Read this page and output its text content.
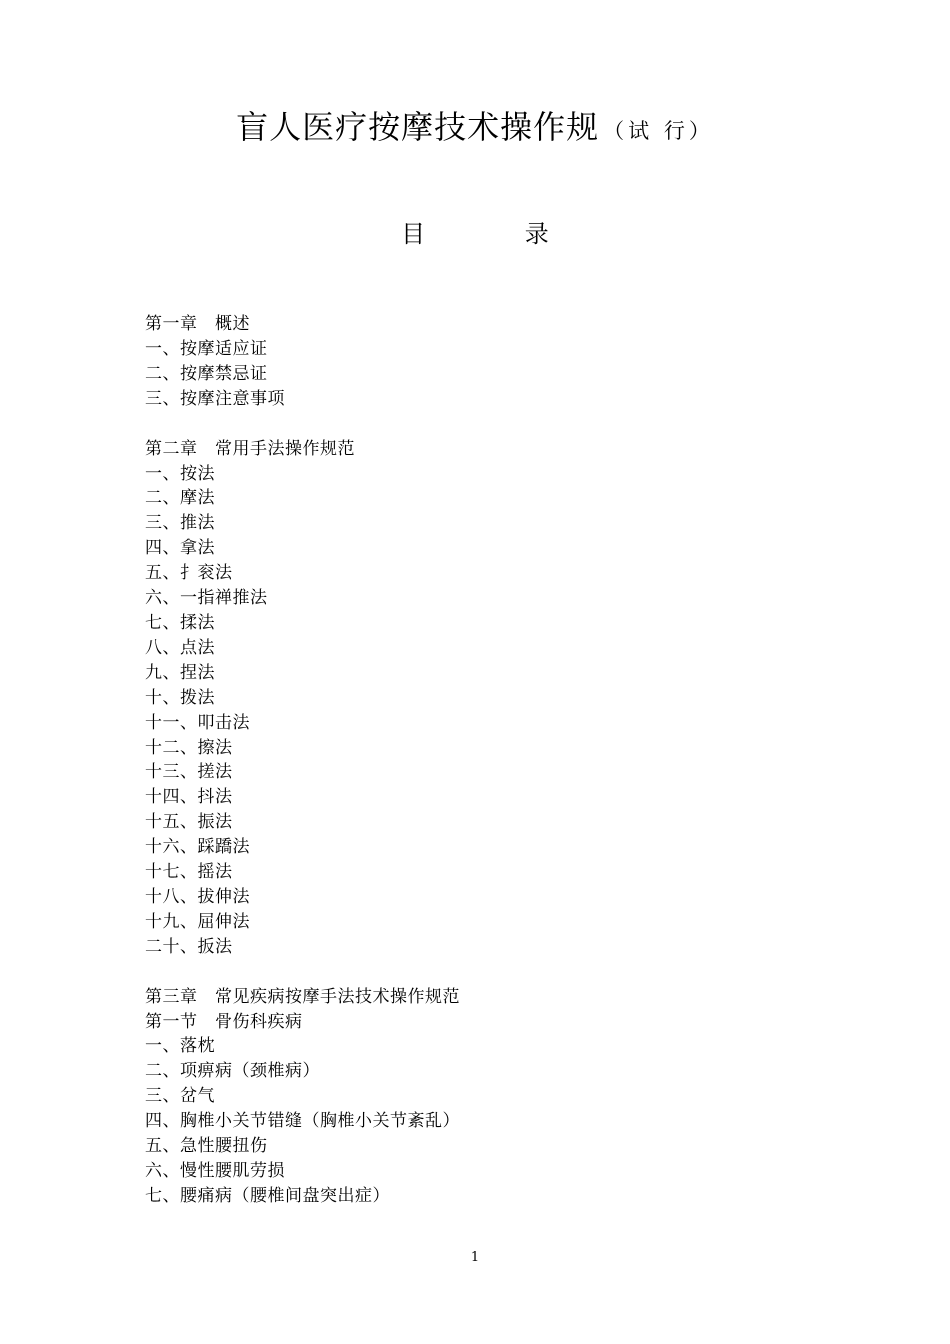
盲人医疗按摩技术操作规 （试 行）
目 录
第一章　概述
一、按摩适应证
二、按摩禁忌证
三、按摩注意事项
第二章　常用手法操作规范
一、按法
二、摩法
三、推法
四、拿法
五、扌衮法
六、一指禅推法
七、揉法
八、点法
九、捏法
十、拨法
十一、叩击法
十二、擦法
十三、搓法
十四、抖法
十五、振法
十六、踩蹻法
十七、摇法
十八、拔伸法
十九、屈伸法
二十、扳法
第三章　常见疾病按摩手法技术操作规范
第一节　骨伤科疾病
一、落枕
二、项痹病（颈椎病）
三、岔气
四、胸椎小关节错缝（胸椎小关节紊乱）
五、急性腰扭伤
六、慢性腰肌劳损
七、腰痛病（腰椎间盘突出症）
1
